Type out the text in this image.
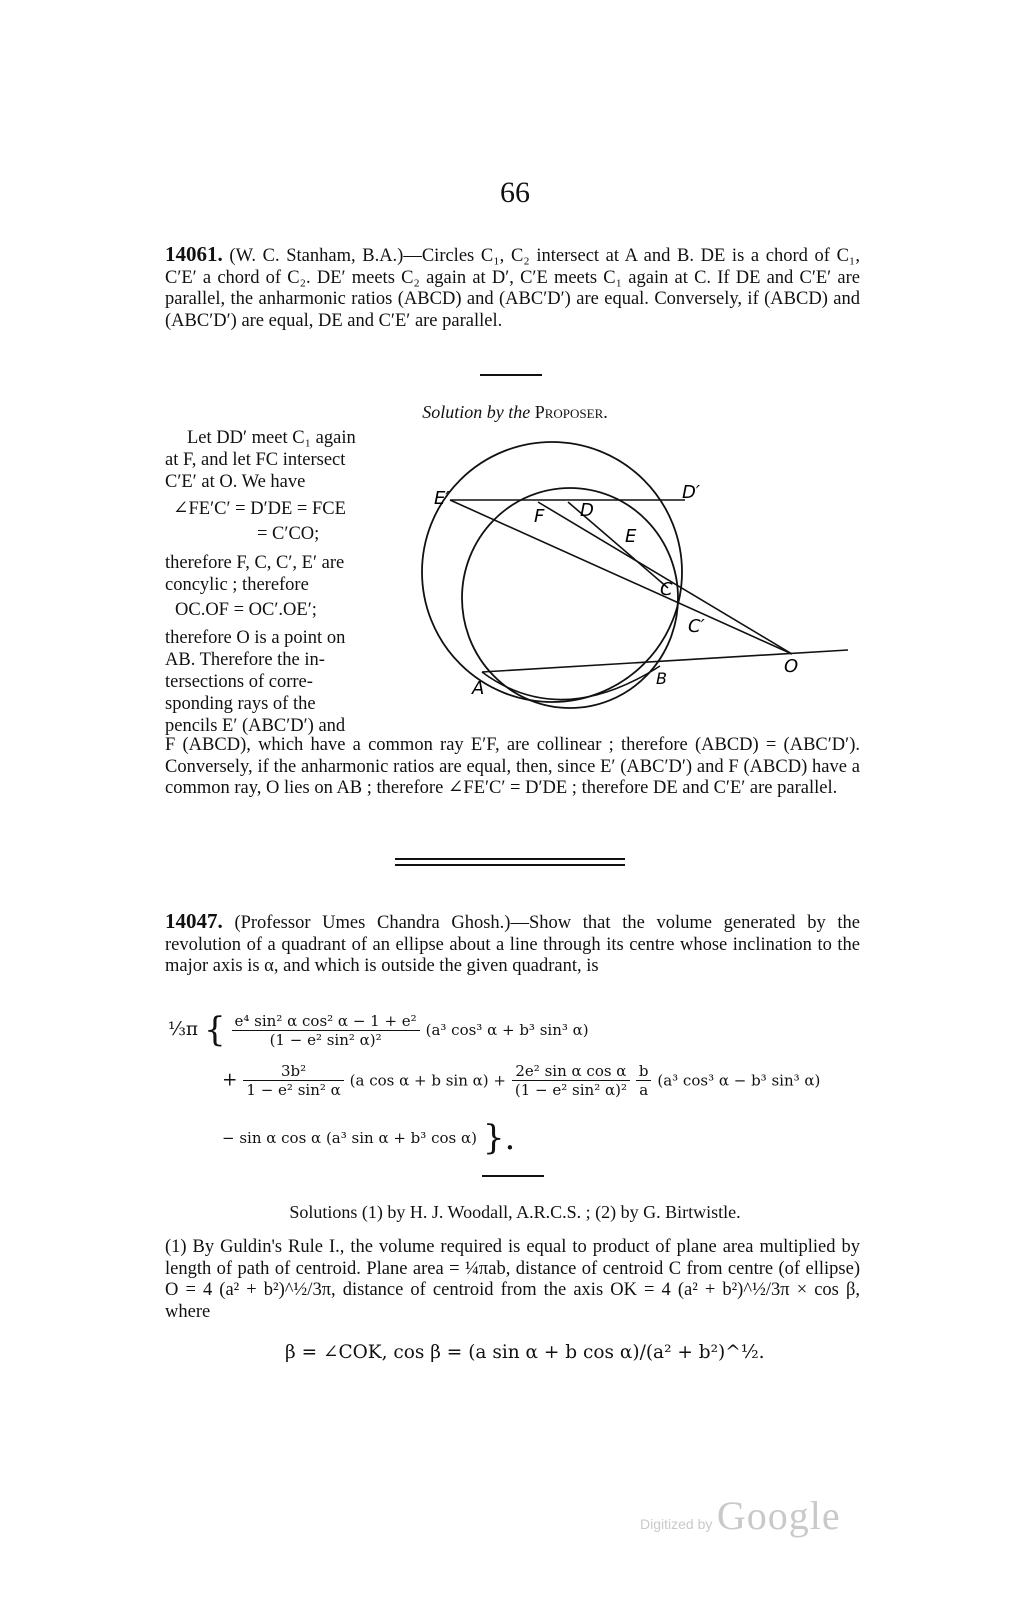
66
14061. (W. C. Stanham, B.A.)—Circles C₁, C₂ intersect at A and B. DE is a chord of C₁, C′E′ a chord of C₂. DE′ meets C₂ again at D′, C′E meets C₁ again at C. If DE and C′E′ are parallel, the anharmonic ratios (ABCD) and (ABC′D′) are equal. Conversely, if (ABCD) and (ABC′D′) are equal, DE and C′E′ are parallel.
Solution by the Proposer.
Let DD′ meet C₁ again
at F, and let FC intersect
C′E′ at O. We have
∠FE′C′ = D′DE = FCE
= C′CO;
therefore F, C, C′, E′ are
concylic ; therefore
OC.OF = OC′.OE′;
therefore O is a point on
AB. Therefore the in-
tersections of corre-
sponding rays of the
pencils E′ (ABC′D′) and
E′
F D
D′
E
C
C′
O
B
A
F (ABCD), which have a common ray E′F, are collinear ; therefore (ABCD) = (ABC′D′). Conversely, if the anharmonic ratios are equal, then, since E′ (ABC′D′) and F (ABCD) have a common ray, O lies on AB ; therefore ∠FE′C′ = D′DE ; therefore DE and C′E′ are parallel.
14047. (Professor Umes Chandra Ghosh.)—Show that the volume generated by the revolution of a quadrant of an ellipse about a line through its centre whose inclination to the major axis is α, and which is outside the given quadrant, is
⅓π { $\frac{\text{e⁴ sin² α cos² α − 1 + e²}}{\text{(1 − e² sin² α)²}} (a^3$ cos³ α + b³ sin³ α)
+ $\frac{\text{3b²}}{\text{1 − e² sin² α}} (a$ cos α + b $\sin \alpha) + \frac{\text{2e² sin α cos α}}{\text{(1 − e² sin² α)²}}$
$\frac{b}{a} (a^3$ cos³ α − b³ sin³ α)
− sin α cos α (a³ sin α + b³ cos α) }.
Solutions (1) by H. J. Woodall, A.R.C.S. ; (2) by G. Birtwistle.
(1) By Guldin's Rule I., the volume required is equal to product of plane area multiplied by length of path of centroid. Plane area = ¼πab, distance of centroid C from centre (of ellipse) O = 4 (a² + b²)^½/3π, distance of centroid from the axis OK = 4 (a² + b²)^½/3π × cos β, where
β = ∠COK, cos β = (a sin α + b cos α)/(a² + b²)^½.
Digitized by Google
